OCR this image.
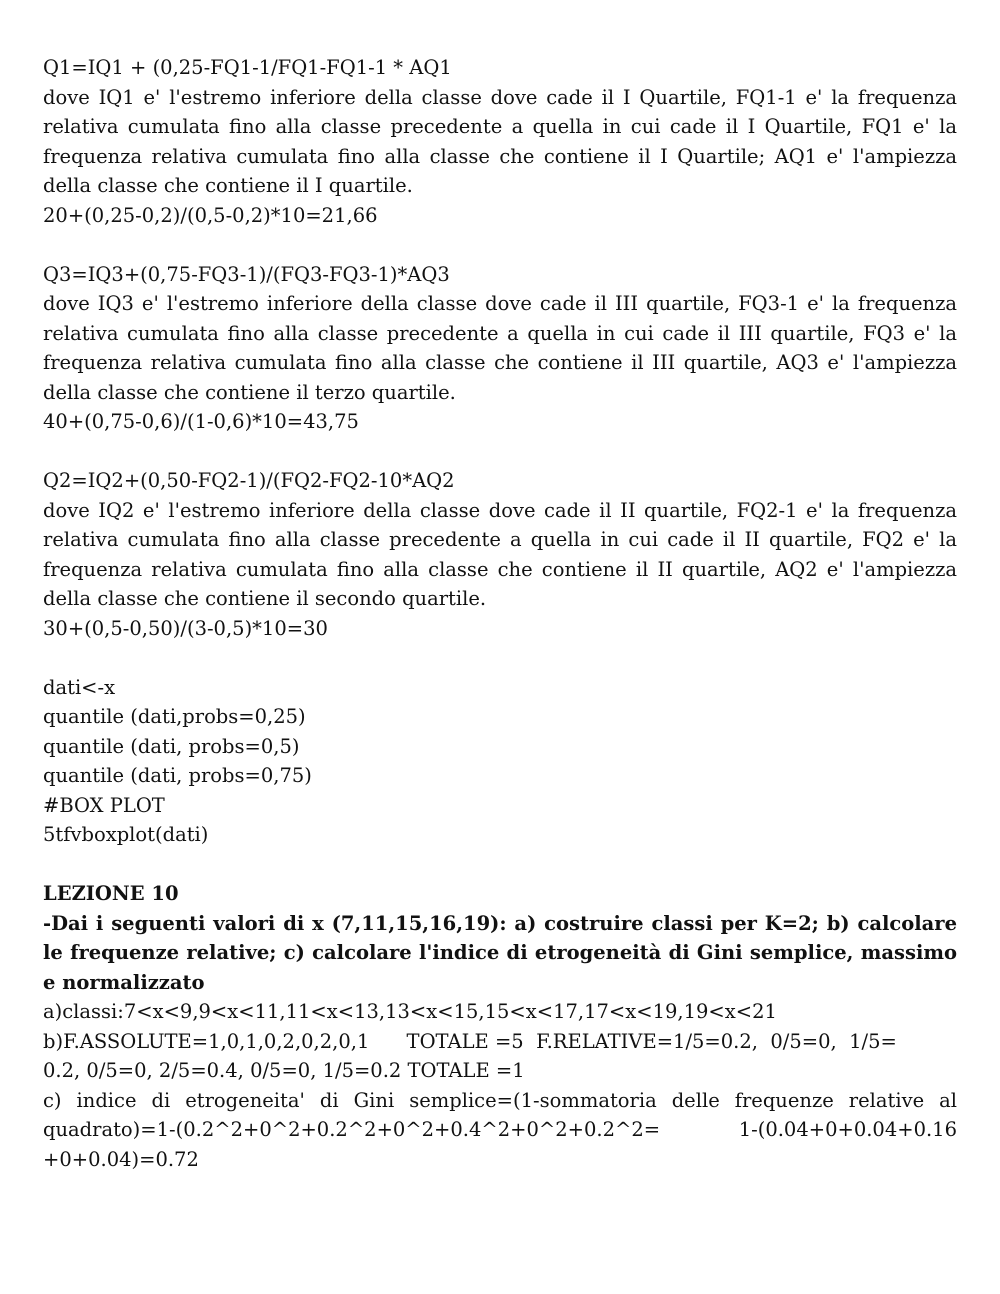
Q1=IQ1 + (0,25-FQ1-1/FQ1-FQ1-1 * AQ1
dove IQ1 e' l'estremo inferiore della classe dove cade il I Quartile, FQ1-1 e' la frequenza relativa cumulata fino alla classe precedente a quella in cui cade il I Quartile, FQ1 e' la frequenza relativa cumulata fino alla classe che contiene il I Quartile; AQ1 e' l'ampiezza della classe che contiene il I quartile.
20+(0,25-0,2)/(0,5-0,2)*10=21,66
Q3=IQ3+(0,75-FQ3-1)/(FQ3-FQ3-1)*AQ3
dove IQ3 e' l'estremo inferiore della classe dove cade il III quartile, FQ3-1 e' la frequenza relativa cumulata fino alla classe precedente a quella in cui cade il III quartile, FQ3 e' la frequenza relativa cumulata fino alla classe che contiene il III quartile, AQ3 e' l'ampiezza della classe che contiene il terzo quartile.
40+(0,75-0,6)/(1-0,6)*10=43,75
Q2=IQ2+(0,50-FQ2-1)/(FQ2-FQ2-10*AQ2
dove IQ2 e' l'estremo inferiore della classe dove cade il II quartile, FQ2-1 e' la frequenza relativa cumulata fino alla classe precedente a quella in cui cade il II quartile, FQ2 e' la frequenza relativa cumulata fino alla classe che contiene il II quartile, AQ2 e' l'ampiezza della classe che contiene il secondo quartile.
30+(0,5-0,50)/(3-0,5)*10=30
dati<-x
quantile (dati,probs=0,25)
quantile (dati, probs=0,5)
quantile (dati, probs=0,75)
#BOX PLOT
5tfvboxplot(dati)
LEZIONE 10
-Dai i seguenti valori di x (7,11,15,16,19): a) costruire classi per K=2; b) calcolare le frequenze relative; c) calcolare l'indice di etrogeneità di Gini semplice, massimo e normalizzato
a)classi:7<x<9,9<x<11,11<x<13,13<x<15,15<x<17,17<x<19,19<x<21
b)F.ASSOLUTE=1,0,1,0,2,0,2,0,1      TOTALE =5  F.RELATIVE=1/5=0.2,  0/5=0,  1/5=
0.2, 0/5=0, 2/5=0.4, 0/5=0, 1/5=0.2 TOTALE =1
c) indice di etrogeneita' di Gini semplice=(1-sommatoria delle frequenze relative al quadrato)=1-(0.2^2+0^2+0.2^2+0^2+0.4^2+0^2+0.2^2= 1-(0.04+0+0.04+0.16 +0+0.04)=0.72
